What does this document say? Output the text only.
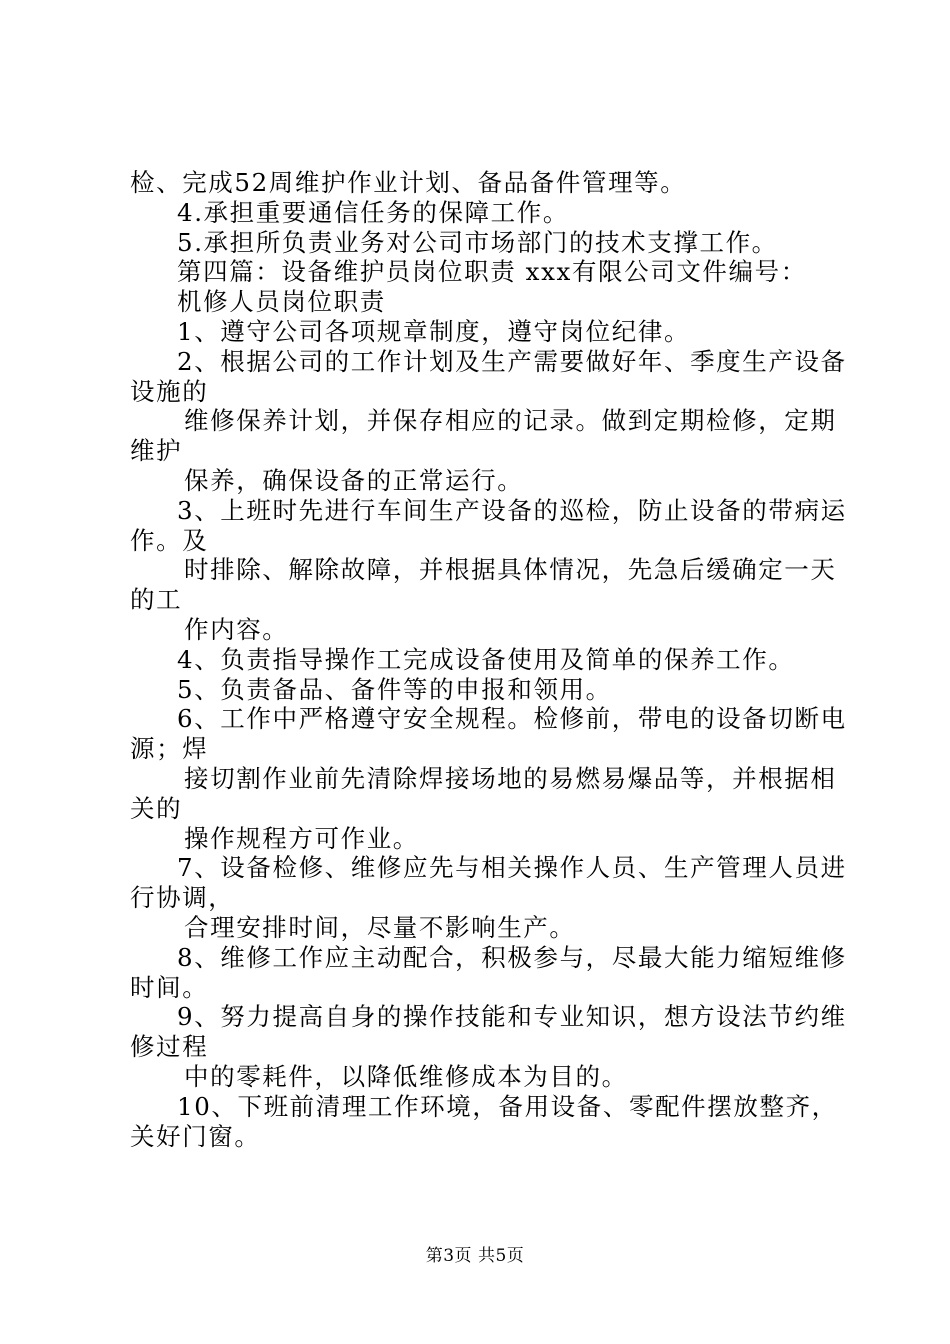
检、完成52周维护作业计划、备品备件管理等。
4.承担重要通信任务的保障工作。
5.承担所负责业务对公司市场部门的技术支撑工作。
第四篇：设备维护员岗位职责 xxx有限公司文件编号：
机修人员岗位职责
1、遵守公司各项规章制度，遵守岗位纪律。
2、根据公司的工作计划及生产需要做好年、季度生产设备
设施的
维修保养计划，并保存相应的记录。做到定期检修，定期
维护
保养，确保设备的正常运行。
3、上班时先进行车间生产设备的巡检，防止设备的带病运
作。及
时排除、解除故障，并根据具体情况，先急后缓确定一天
的工
作内容。
4、负责指导操作工完成设备使用及简单的保养工作。
5、负责备品、备件等的申报和领用。
6、工作中严格遵守安全规程。检修前，带电的设备切断电
源；焊
接切割作业前先清除焊接场地的易燃易爆品等，并根据相
关的
操作规程方可作业。
7、设备检修、维修应先与相关操作人员、生产管理人员进
行协调，
合理安排时间，尽量不影响生产。
8、维修工作应主动配合，积极参与，尽最大能力缩短维修
时间。
9、努力提高自身的操作技能和专业知识，想方设法节约维
修过程
中的零耗件，以降低维修成本为目的。
10、下班前清理工作环境，备用设备、零配件摆放整齐，
关好门窗。
第3页 共5页
